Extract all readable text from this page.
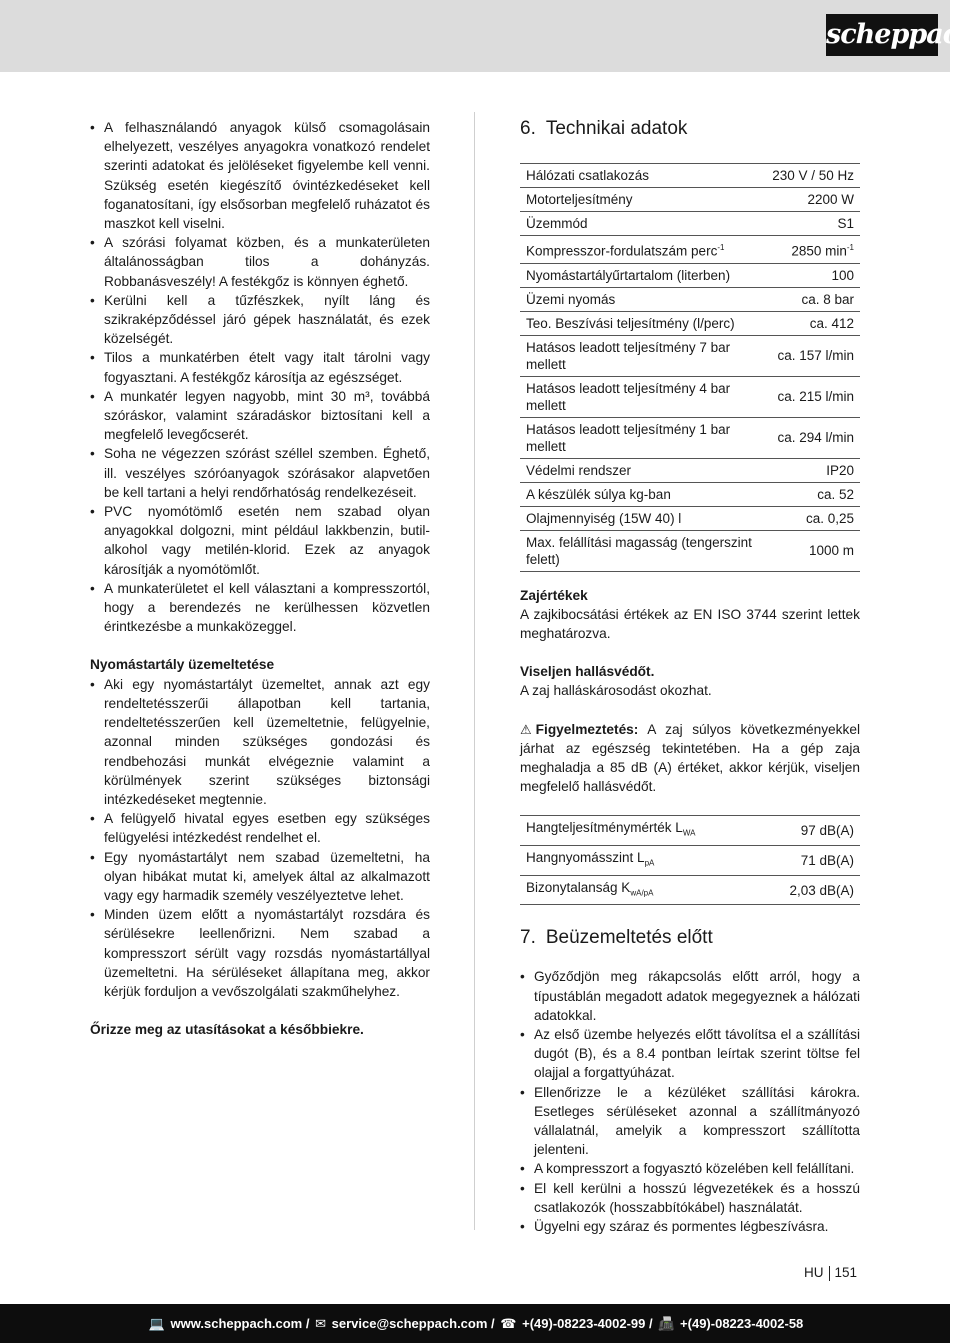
scheppach
• A felhasználandó anyagok külső csomagolásain elhelyezett, veszélyes anyagokra vonatkozó rendelet szerinti adatokat és jelöléseket figyelembe kell venni. Szükség esetén kiegészítő óvintézkedéseket kell foganatosítani, így elsősorban megfelelő ruházatot és maszkot kell viselni.
• A szórási folyamat közben, és a munkaterületen általánosságban tilos a dohányzás. Robbanásveszély! A festékgőz is könnyen éghető.
• Kerülni kell a tűzfészkek, nyílt láng és szikraképződéssel járó gépek használatát, és ezek közelségét.
• Tilos a munkatérben ételt vagy italt tárolni vagy fogyasztani. A festékgőz károsítja az egészséget.
• A munkatér legyen nagyobb, mint 30 m³, továbbá szóráskor, valamint száradáskor biztosítani kell a megfelelő levegőcserét.
• Soha ne végezzen szórást széllel szemben. Éghető, ill. veszélyes szóróanyagok szórásakor alapvetően be kell tartani a helyi rendőrhatóság rendelkezéseit.
• PVC nyomótömlő esetén nem szabad olyan anyagokkal dolgozni, mint például lakkbenzin, butil-alkohol vagy metilén-klorid. Ezek az anyagok károsítják a nyomótömlőt.
• A munkaterületet el kell választani a kompresszortól, hogy a berendezés ne kerülhessen közvetlen érintkezésbe a munkaközeggel.
Nyomástartály üzemeltetése
• Aki egy nyomástartályt üzemeltet, annak azt egy rendeltetésszerűi állapotban kell tartania, rendeltetésszerűen kell üzemeltetnie, felügyelnie, azonnal minden szükséges gondozási és rendbehozási munkát elvégeznie valamint a körülmények szerint szükséges biztonsági intézkedéseket megtennie.
• A felügyelő hivatal egyes esetben egy szükséges felügyelési intézkedést rendelhet el.
• Egy nyomástartályt nem szabad üzemeltetni, ha olyan hibákat mutat ki, amelyek által az alkalmazott vagy egy harmadik személy veszélyeztetve lehet.
• Minden üzem előtt a nyomástartályt rozsdára és sérülésekre leellenőrizni. Nem szabad a kompresszort sérült vagy rozsdás nyomástartállyal üzemeltetni. Ha sérüléseket állapítana meg, akkor kérjük forduljon a vevőszolgálati szakműhelyhez.
Őrizze meg az utasításokat a későbbiekre.
6. Technikai adatok
Hálózati csatlakozás	230 V / 50 Hz
Motorteljesítmény	2200 W
Üzemmód	S1
Kompresszor-fordulatszám perc$^{-1}$	2850 $\min^{-1}$
Nyomástartályűrtartalom (literben)	100
Üzemi nyomás	ca. 8 bar
Teo. Beszívási teljesítmény (l/perc)	ca. 412
Hatásos leadott teljesítmény 7 bar mellett	ca. 157 l/min
Hatásos leadott teljesítmény 4 bar mellett	ca. 215 l/min
Hatásos leadott teljesítmény 1 bar mellett	ca. 294 l/min
Védelmi rendszer	IP20
A készülék súlya kg-ban	ca. 52
Olajmennyiség (15W 40) l	ca. 0,25
Max. felállítási magasság (tengerszint felett)	1000 m
Zajértékek
A zajkibocsátási értékek az EN ISO 3744 szerint lettek meghatározva.
Viseljen hallásvédőt.
A zaj halláskárosodást okozhat.
⚠ Figyelmeztetés: A zaj súlyos következményekkel járhat az egészség tekintetében. Ha a gép zaja meghaladja a 85 dB (A) értéket, akkor kérjük, viseljen megfelelő hallásvédőt.
Hangteljesítménymérték $L_{WA}$	97 dB(A)
Hangnyomásszint $L_{pA}$	71 dB(A)
Bizonytalanság $K_{wA/pA}$	2,03 dB(A)
7. Beüzemeltetés előtt
• Győződjön meg rákapcsolás előtt arról, hogy a típustáblán megadott adatok megegyeznek a hálózati adatokkal.
• Az első üzembe helyezés előtt távolítsa el a szállítási dugót (B), és a 8.4 pontban leírtak szerint töltse fel olajjal a forgattyúházat.
• Ellenőrizze le a kézüléket szállítási károkra. Esetleges sérüléseket azonnal a szállítmányozó vállalatnál, amelyik a kompresszort szállította jelenteni.
• A kompresszort a fogyasztó közelében kell felállítani.
• El kell kerülni a hosszú légvezetékek és a hosszú csatlakozók (hosszabbítókábel) használatát.
• Ügyelni egy száraz és pormentes légbeszívásra.
HU 151
💻 www.scheppach.com / ✉ service@scheppach.com / ☎ +(49)-08223-4002-99 / 📠 +(49)-08223-4002-58
